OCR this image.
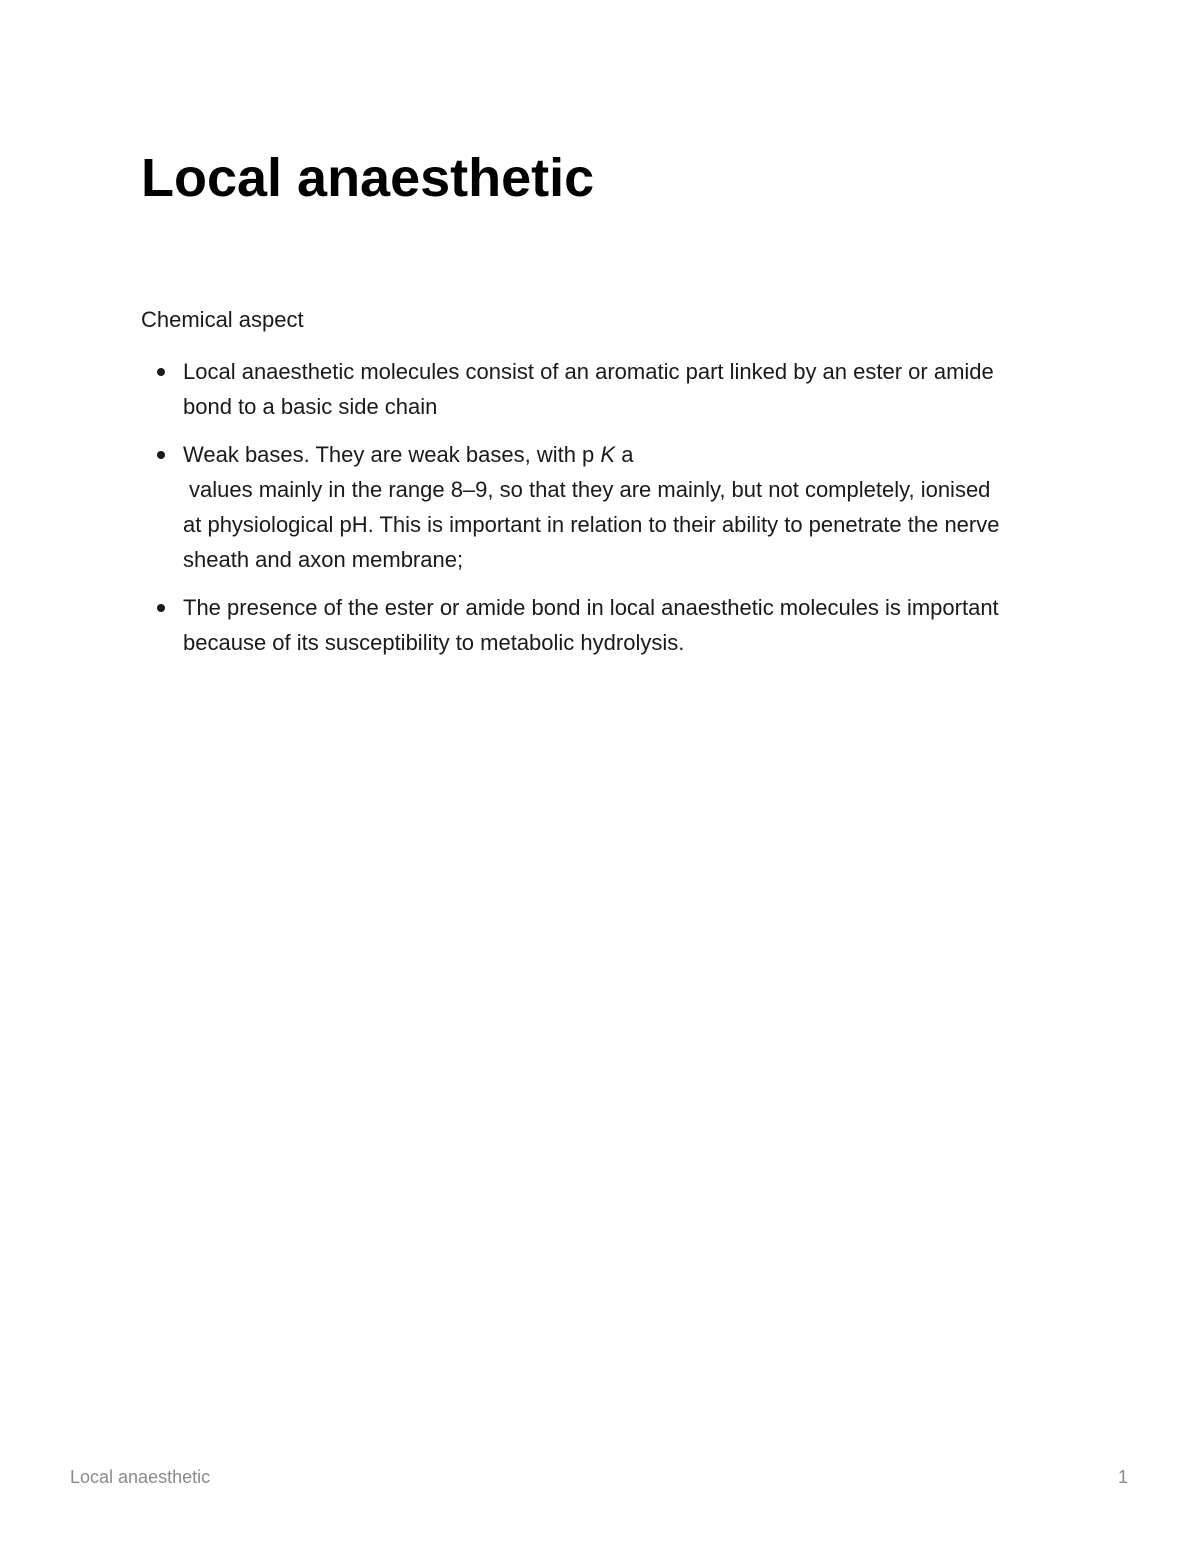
Local anaesthetic

Chemical aspect

Local anaesthetic molecules consist of an aromatic part linked by an ester or amide
bond to a basic side chain
Weak bases. They are weak bases, with p K a
values mainly in the range 8–9, so that they are mainly, but not completely, ionised
at physiological pH. This is important in relation to their ability to penetrate the nerve
sheath and axon membrane;
The presence of the ester or amide bond in local anaesthetic molecules is important
because of its susceptibility to metabolic hydrolysis.
Local anaesthetic	1
